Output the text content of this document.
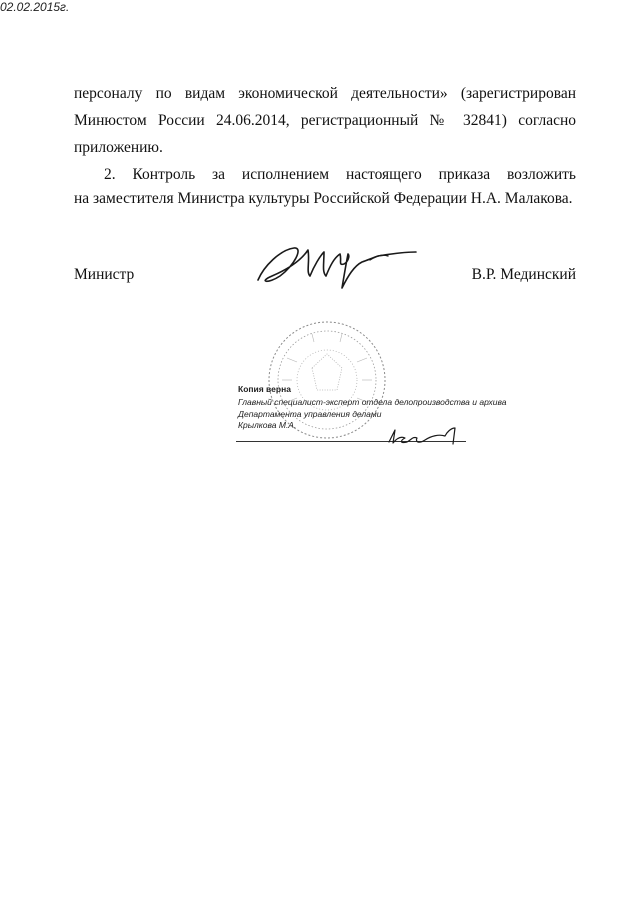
персоналу по видам экономической деятельности» (зарегистрирован
Минюстом России 24.06.2014, регистрационный № 32841) согласно
приложению.
2. Контроль за исполнением настоящего приказа возложить
на заместителя Министра культуры Российской Федерации Н.А. Малакова.
Министр	В.Р. Мединский
Копия верна
Главный специалист-эксперт отдела делопроизводства и архива
Департамента управления делами
Крылкова М.А.
02.02.2015г.
